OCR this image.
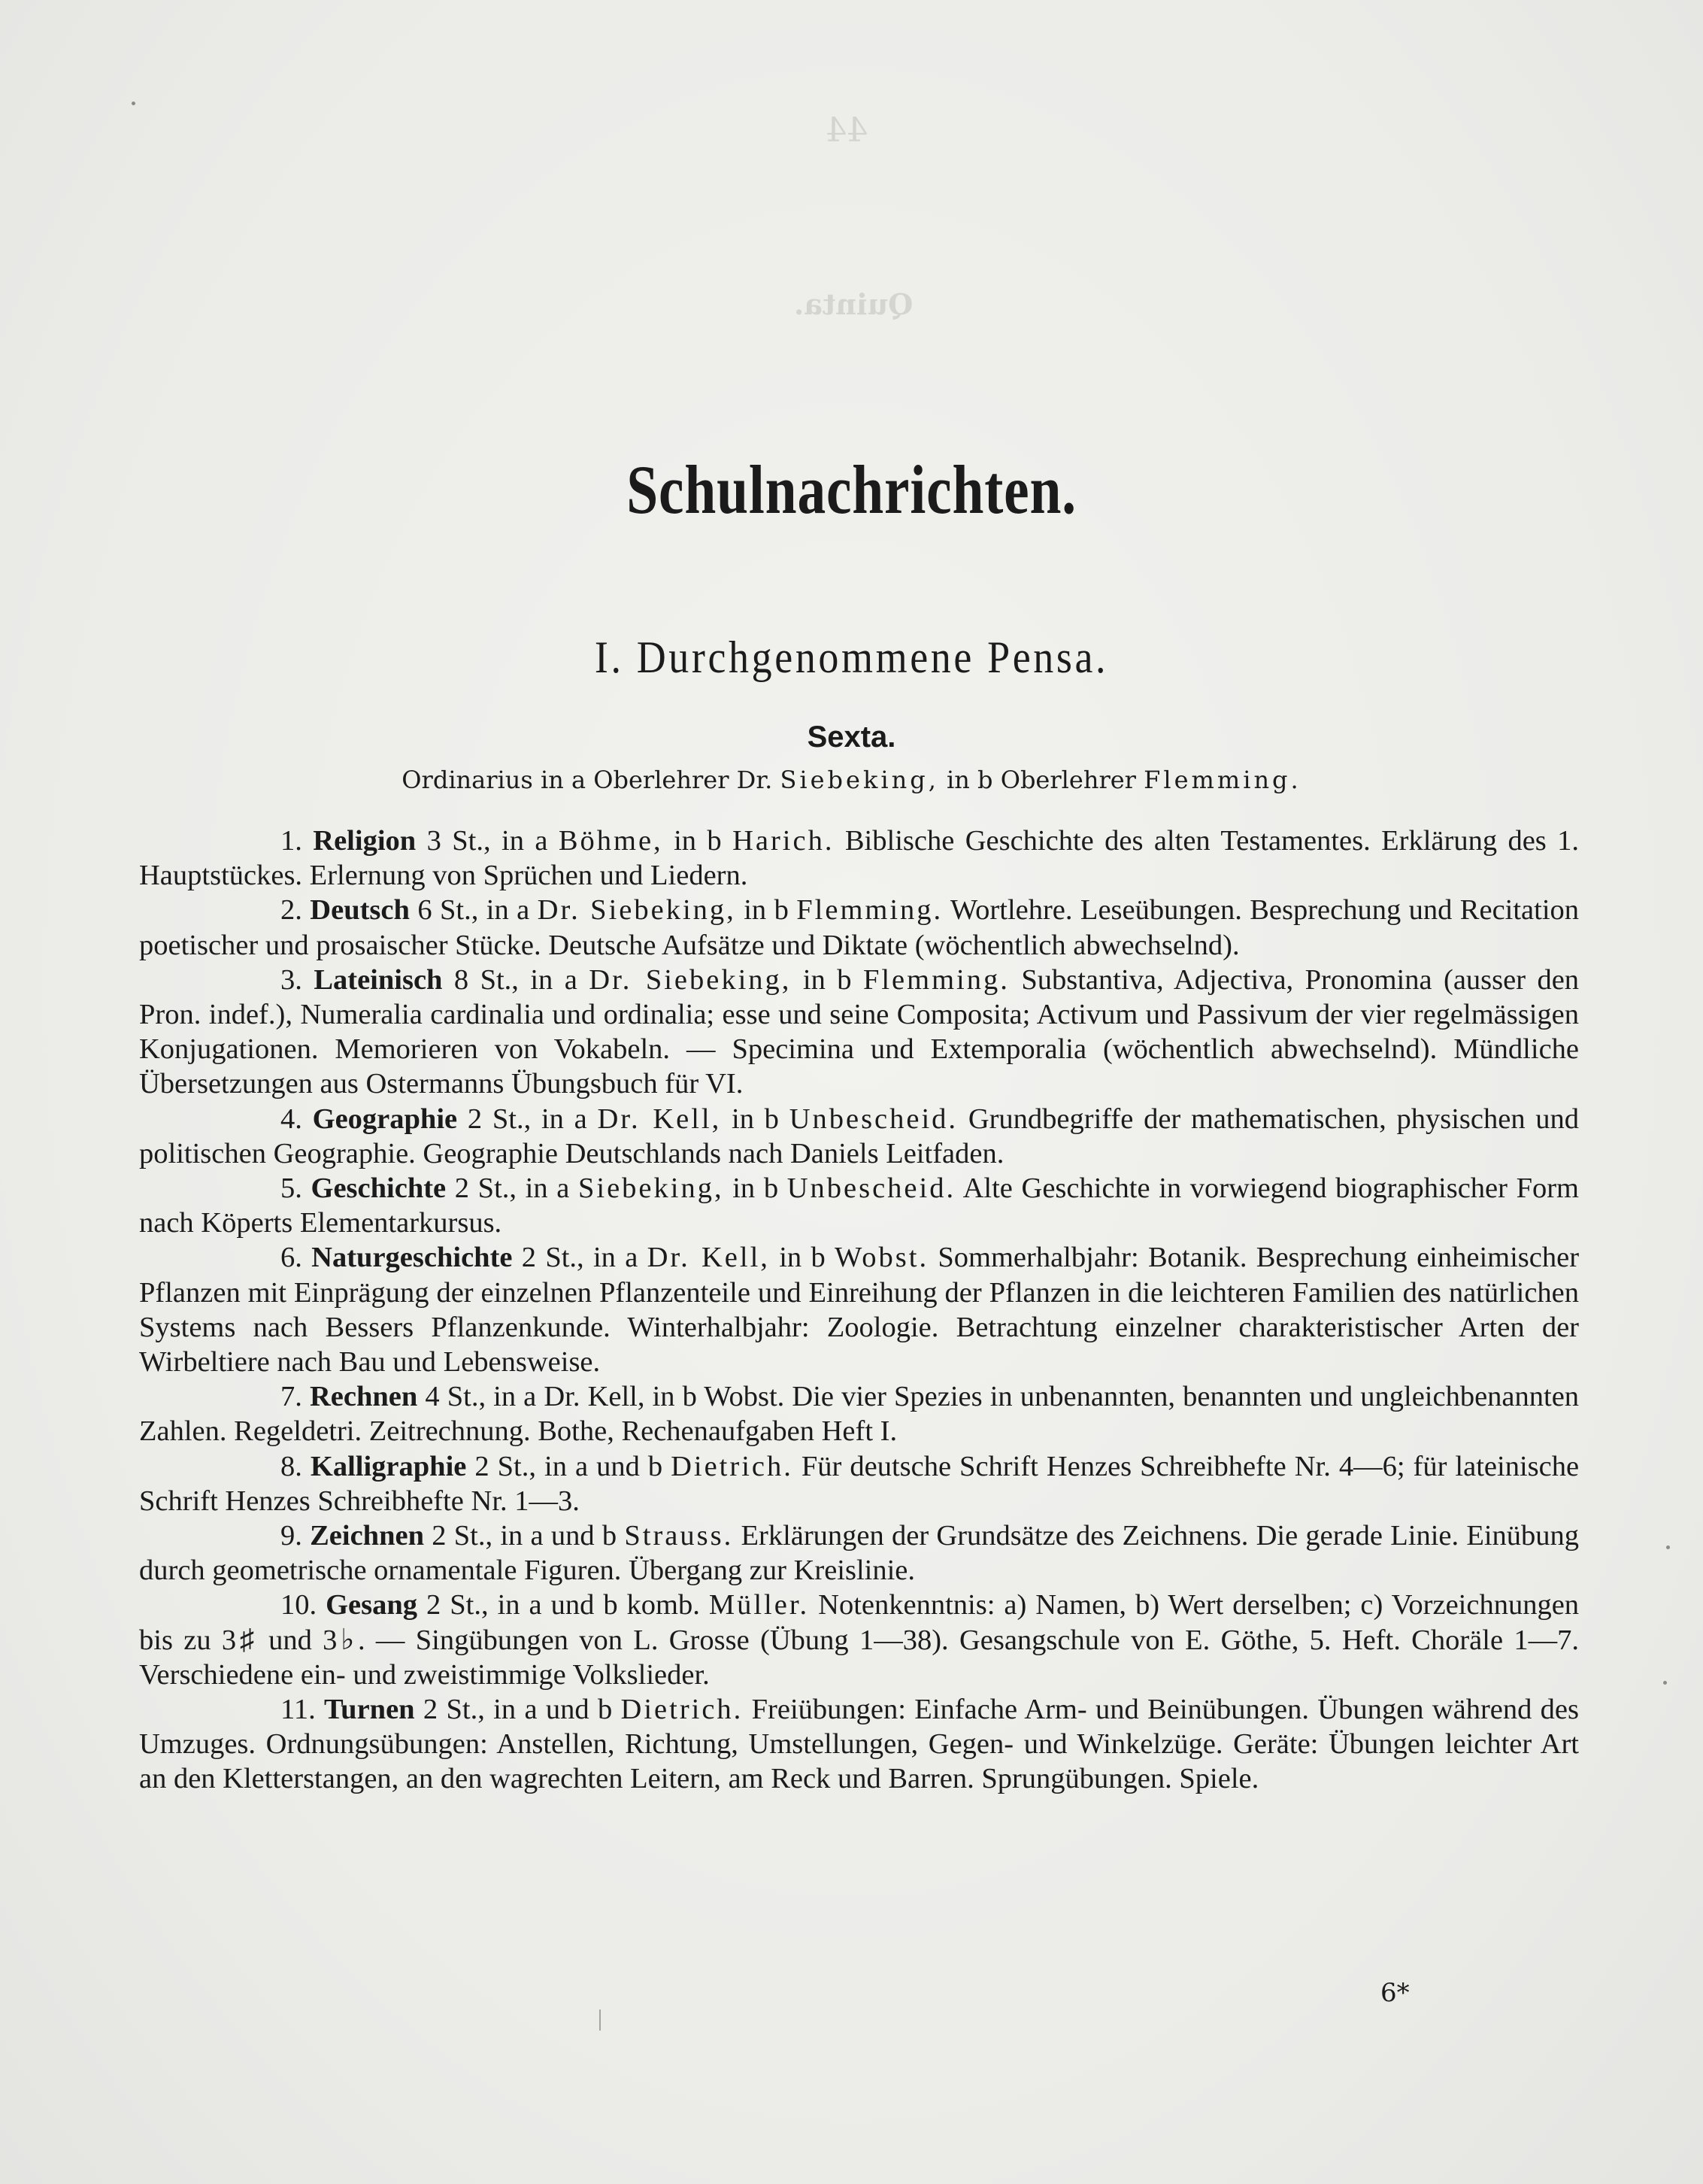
44
Quinta.
Schulnachrichten.
I. Durchgenommene Pensa.
Sexta.
Ordinarius in a Oberlehrer Dr. Siebeking, in b Oberlehrer Flemming.

1. Religion 3 St., in a Böhme, in b Harich. Biblische Geschichte des alten Testamentes. Erklärung des 1. Hauptstückes. Erlernung von Sprüchen und Liedern.

2. Deutsch 6 St., in a Dr. Siebeking, in b Flemming. Wortlehre. Leseübungen. Besprechung und Recitation poetischer und prosaischer Stücke. Deutsche Aufsätze und Diktate (wöchentlich abwechselnd).

3. Lateinisch 8 St., in a Dr. Siebeking, in b Flemming. Substantiva, Adjectiva, Pronomina (ausser den Pron. indef.), Numeralia cardinalia und ordinalia; esse und seine Composita; Activum und Passivum der vier regelmässigen Konjugationen. Memorieren von Vokabeln. — Specimina und Extemporalia (wöchentlich abwechselnd). Mündliche Übersetzungen aus Ostermanns Übungsbuch für VI.

4. Geographie 2 St., in a Dr. Kell, in b Unbescheid. Grundbegriffe der mathematischen, physischen und politischen Geographie. Geographie Deutschlands nach Daniels Leitfaden.

5. Geschichte 2 St., in a Siebeking, in b Unbescheid. Alte Geschichte in vorwiegend biographischer Form nach Köperts Elementarkursus.

6. Naturgeschichte 2 St., in a Dr. Kell, in b Wobst. Sommerhalbjahr: Botanik. Besprechung einheimischer Pflanzen mit Einprägung der einzelnen Pflanzenteile und Einreihung der Pflanzen in die leichteren Familien des natürlichen Systems nach Bessers Pflanzenkunde. Winterhalbjahr: Zoologie. Betrachtung einzelner charakteristischer Arten der Wirbeltiere nach Bau und Lebensweise.

7. Rechnen 4 St., in a Dr. Kell, in b Wobst. Die vier Spezies in unbenannten, benannten und ungleichbenannten Zahlen. Regeldetri. Zeitrechnung. Bothe, Rechenaufgaben Heft I.

8. Kalligraphie 2 St., in a und b Dietrich. Für deutsche Schrift Henzes Schreibhefte Nr. 4—6; für lateinische Schrift Henzes Schreibhefte Nr. 1—3.

9. Zeichnen 2 St., in a und b Strauss. Erklärungen der Grundsätze des Zeichnens. Die gerade Linie. Einübung durch geometrische ornamentale Figuren. Übergang zur Kreislinie.

10. Gesang 2 St., in a und b komb. Müller. Notenkenntnis: a) Namen, b) Wert derselben; c) Vorzeichnungen bis zu 3♯ und 3♭. — Singübungen von L. Grosse (Übung 1—38). Gesangschule von E. Göthe, 5. Heft. Choräle 1—7. Verschiedene ein- und zweistimmige Volkslieder.

11. Turnen 2 St., in a und b Dietrich. Freiübungen: Einfache Arm- und Beinübungen. Übungen während des Umzuges. Ordnungsübungen: Anstellen, Richtung, Umstellungen, Gegen- und Winkelzüge. Geräte: Übungen leichter Art an den Kletterstangen, an den wagrechten Leitern, am Reck und Barren. Sprungübungen. Spiele.

6*
